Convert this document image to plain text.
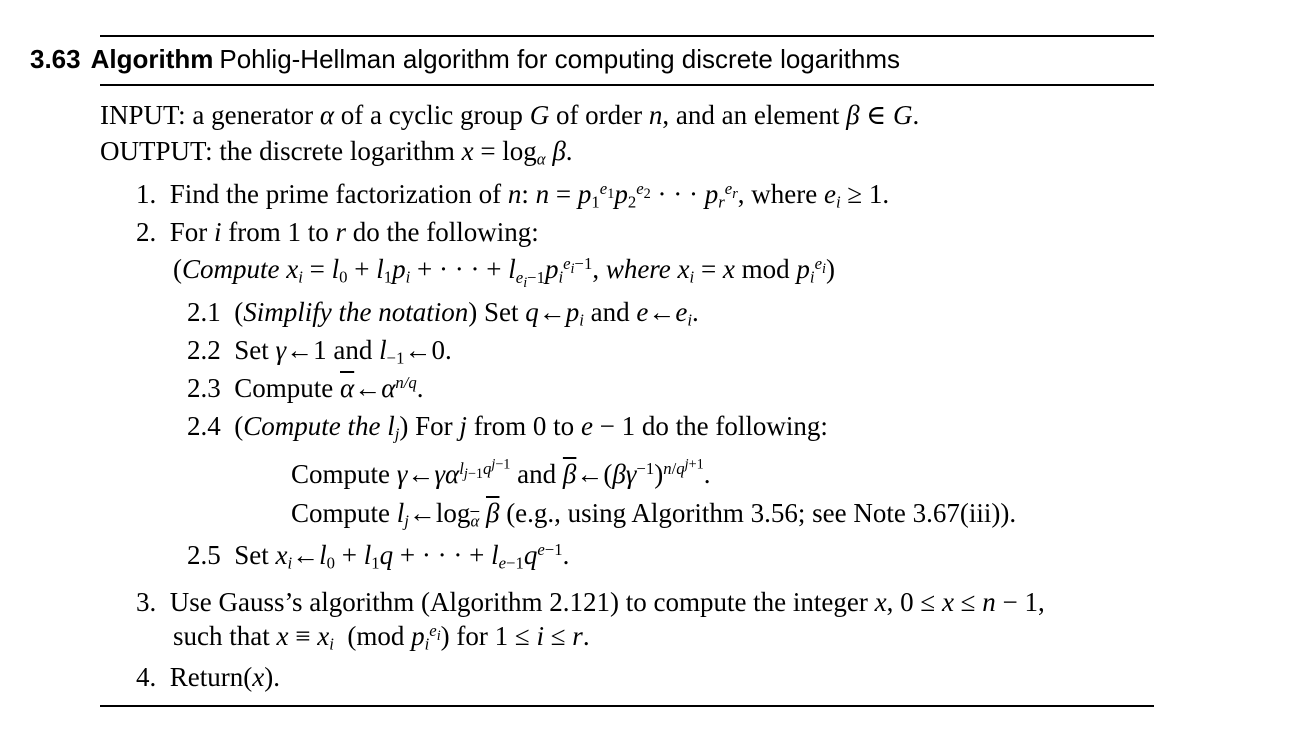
3.63 Algorithm Pohlig-Hellman algorithm for computing discrete logarithms
INPUT: a generator α of a cyclic group G of order n, and an element β ∈ G.
OUTPUT: the discrete logarithm $x = \log_\alpha \beta$.
1. Find the prime factorization of n: $n = p_1^{e_1}p_2^{e_2}$ · · · $p_r^{e_r}$, where $e_i \ge 1$.
2. For i from 1 to r do the following:
(Compute $x_i = l_0 + l_1p_i$ + · · · + $l_{e_i-1}p_i^{e_i-1}$, where $x_i = x$ mod $p_i^{e_i}$)
2.1  (Simplify the notation) Set $q\leftarrow p_i$ and $e\leftarrow e_i$.
2.2 Set γ←1 and $l_{-1}\leftarrow 0$.
2.3 Compute $\overline{\alpha}\leftarrow\alpha^{n/q}$.
2.4  (Compute the $l_j$) For j from 0 to e − 1 do the following:
Compute $\gamma\leftarrow\gamma\alpha^{l_{j-1}q^{j-1}}$ and $\overline{\beta}\leftarrow(\beta\gamma^{-1})^{n/q^{j+1}}$.
Compute $l_j\leftarrow\log_{\overline{\alpha}}$ $\overline{\beta}$ (e.g., using Algorithm 3.56; see Note 3.67(iii)).
2.5 Set $x_i\leftarrow l_0 + l_1q$ + · · · + $l_{e-1}q^{e-1}$.
3. Use Gauss’s algorithm (Algorithm 2.121) to compute the integer x, 0 ≤ x ≤ n − 1,
such that $x \equiv x_i$  (mod $p_i^{e_i}$) for 1 ≤ i ≤ r.
4. Return(x).
